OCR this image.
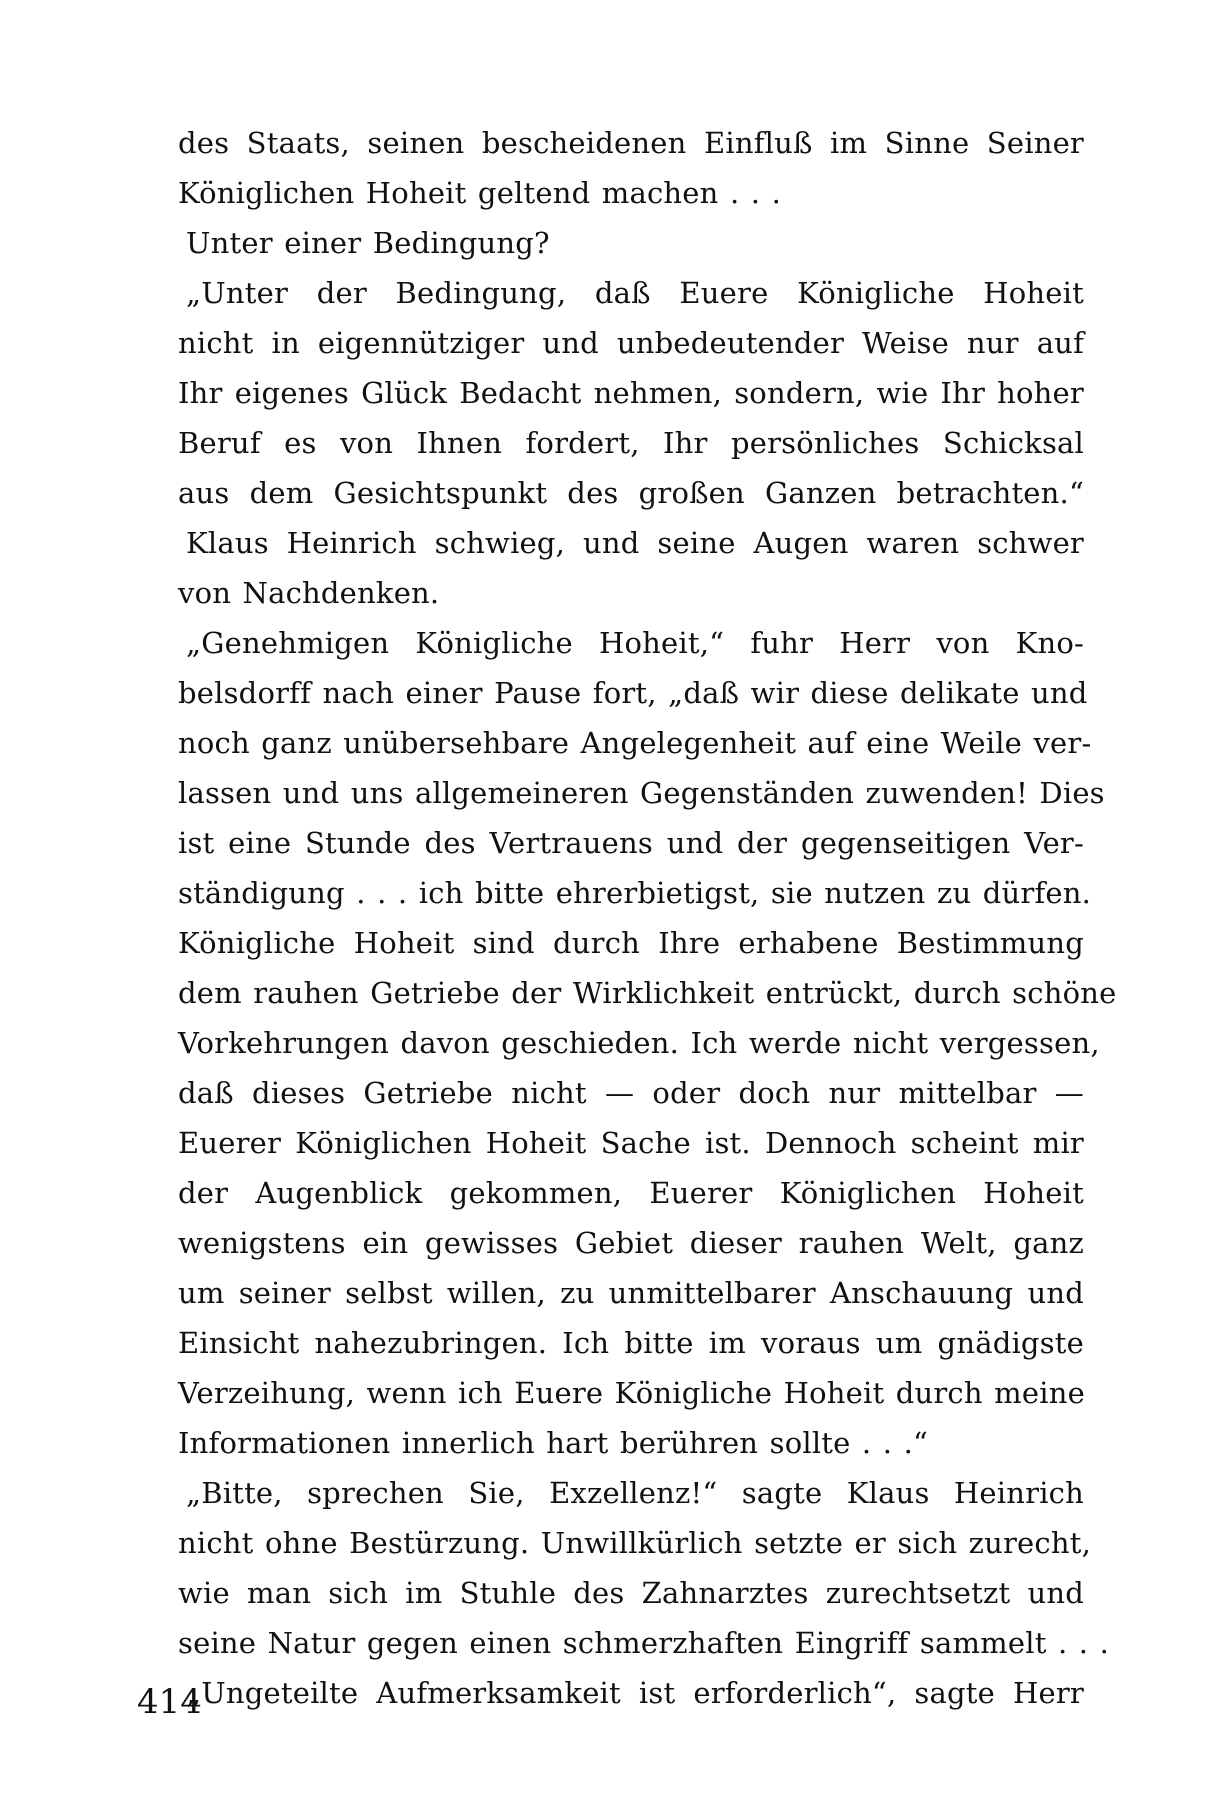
des Staats, seinen bescheidenen Einfluß im Sinne Seiner
Königlichen Hoheit geltend machen . . .
Unter einer Bedingung?
„Unter der Bedingung, daß Euere Königliche Hoheit
nicht in eigennütziger und unbedeutender Weise nur auf
Ihr eigenes Glück Bedacht nehmen, sondern, wie Ihr hoher
Beruf es von Ihnen fordert, Ihr persönliches Schicksal
aus dem Gesichtspunkt des großen Ganzen betrachten.“
Klaus Heinrich schwieg, und seine Augen waren schwer
von Nachdenken.
„Genehmigen Königliche Hoheit,“ fuhr Herr von Kno-
belsdorff nach einer Pause fort, „daß wir diese delikate und
noch ganz unübersehbare Angelegenheit auf eine Weile ver-
lassen und uns allgemeineren Gegenständen zuwenden! Dies
ist eine Stunde des Vertrauens und der gegenseitigen Ver-
ständigung . . . ich bitte ehrerbietigst, sie nutzen zu dürfen.
Königliche Hoheit sind durch Ihre erhabene Bestimmung
dem rauhen Getriebe der Wirklichkeit entrückt, durch schöne
Vorkehrungen davon geschieden. Ich werde nicht vergessen,
daß dieses Getriebe nicht — oder doch nur mittelbar —
Euerer Königlichen Hoheit Sache ist. Dennoch scheint mir
der Augenblick gekommen, Euerer Königlichen Hoheit
wenigstens ein gewisses Gebiet dieser rauhen Welt, ganz
um seiner selbst willen, zu unmittelbarer Anschauung und
Einsicht nahezubringen. Ich bitte im voraus um gnädigste
Verzeihung, wenn ich Euere Königliche Hoheit durch meine
Informationen innerlich hart berühren sollte . . .“
„Bitte, sprechen Sie, Exzellenz!“ sagte Klaus Heinrich
nicht ohne Bestürzung. Unwillkürlich setzte er sich zurecht,
wie man sich im Stuhle des Zahnarztes zurechtsetzt und
seine Natur gegen einen schmerzhaften Eingriff sammelt . . .
„Ungeteilte Aufmerksamkeit ist erforderlich“, sagte Herr
414
